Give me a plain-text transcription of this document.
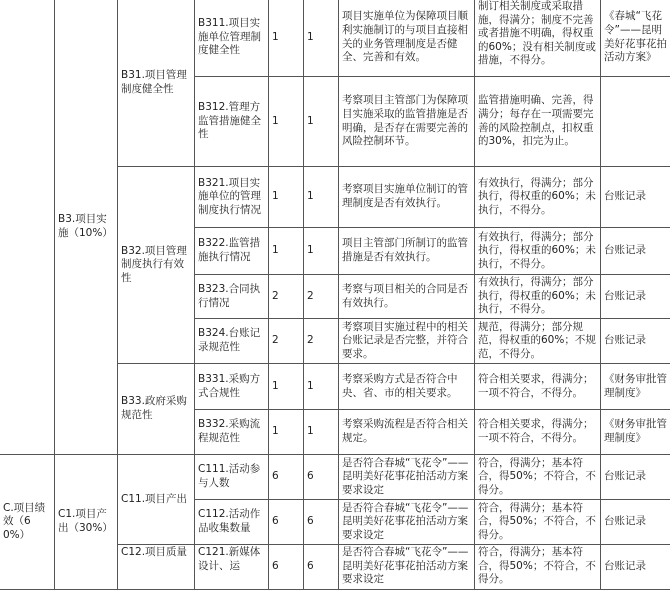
	B3.项目实施（10%）	B31.项目管理制度健全性	B311.项目实施单位管理制度健全性	1	1	项目实施单位为保障项目顺利实施制订的与项目直接相关的业务管理制度是否健全、完善和有效。	制订相关制度或采取措施，得满分；制度不完善或者措施不明确，得权重的60%；没有相关制度或措施，不得分。	《春城“飞花令”——昆明美好花事花拍活动方案》
			B312.管理方监管措施健全性	1	1	考察项目主管部门为保障项目实施采取的监管措施是否明确，是否存在需要完善的风险控制环节。	监管措施明确、完善，得满分；每存在一项需要完善的风险控制点，扣权重的30%，扣完为止。	

		B32.项目管理制度执行有效性	B321.项目实施单位的管理制度执行情况	1	1	考察项目实施单位制订的管理制度是否有效执行。	有效执行，得满分；部分执行，得权重的60%；未执行，不得分。	台账记录
			B322.监管措施执行情况	1	1	项目主管部门所制订的监管措施是否有效执行。	有效执行，得满分；部分执行，得权重的60%；未执行，不得分。	台账记录
			B323.合同执行情况	2	2	考察与项目相关的合同是否有效执行。	有效执行，得满分；部分执行，得权重的60%；未执行，不得分。	台账记录
			B324.台账记录规范性	2	2	考察项目实施过程中的相关台账记录是否完整，并符合要求。	规范，得满分；部分规范，得权重的60%；不规范，不得分。	台账记录

		B33.政府采购规范性	B331.采购方式合规性	1	1	考察采购方式是否符合中央、省、市的相关要求。	符合相关要求，得满分；一项不符合，不得分。	《财务审批管理制度》
			B332.采购流程规范性	1	1	考察采购流程是否符合相关规定。	符合相关要求，得满分；一项不符合，不得分。	《财务审批管理制度》

C.项目绩效（60%）	C1.项目产出（30%）	C11.项目产出	C111.活动参与人数	6	6	是否符合春城“飞花令”——昆明美好花事花拍活动方案要求设定	符合，得满分；基本符合，得50%；不符合，不得分。	台账记录
			C112.活动作品收集数量	6	6	是否符合春城“飞花令”——昆明美好花事花拍活动方案要求设定	符合，得满分；基本符合，得50%；不符合，不得分。	台账记录
		C12.项目质量	C121.新媒体设计、运	6	6	是否符合春城“飞花令”——昆明美好花事花拍活动方案要求设定	符合，得满分；基本符合，得50%；不符合，不得分。	台账记录
